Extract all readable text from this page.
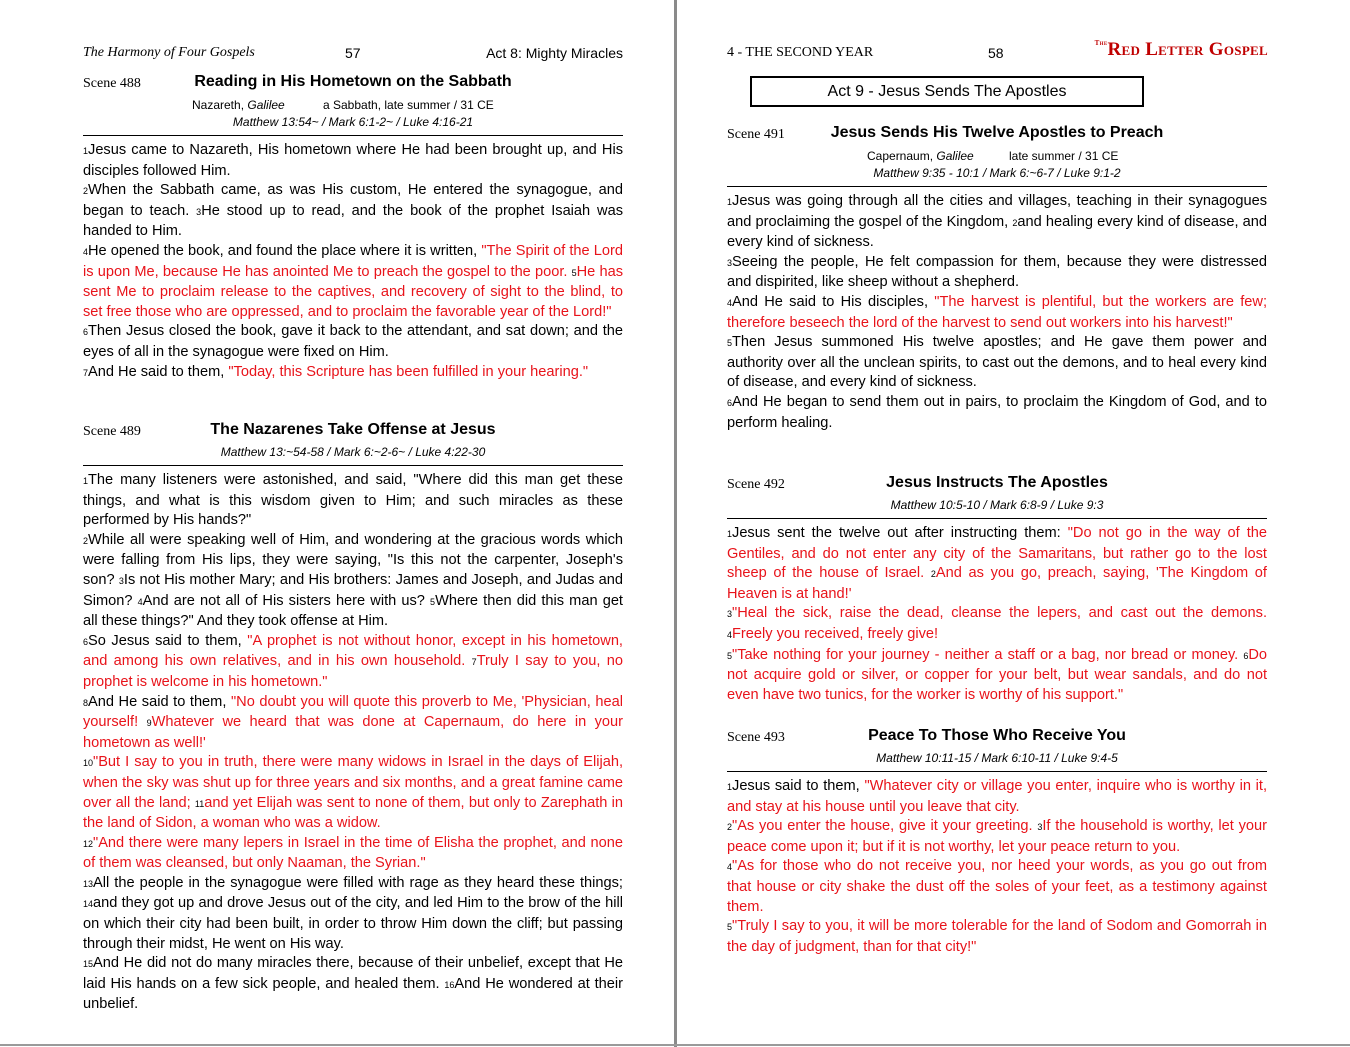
The Harmony of Four Gospels	57	Act 8: Mighty Miracles
Scene 488	Reading in His Hometown on the Sabbath
Nazareth, Galilee	a Sabbath, late summer / 31 CE
Matthew 13:54~ / Mark 6:1-2~ / Luke 4:16-21

1Jesus came to Nazareth, His hometown where He had been brought up, and His disciples followed Him.

2When the Sabbath came, as was His custom, He entered the synagogue, and began to teach. 3He stood up to read, and the book of the prophet Isaiah was handed to Him.

4He opened the book, and found the place where it is written, "The Spirit of the Lord is upon Me, because He has anointed Me to preach the gospel to the poor. 5He has sent Me to proclaim release to the captives, and recovery of sight to the blind, to set free those who are oppressed, and to proclaim the favorable year of the Lord!"

6Then Jesus closed the book, gave it back to the attendant, and sat down; and the eyes of all in the synagogue were fixed on Him.

7And He said to them, "Today, this Scripture has been fulfilled in your hearing."

Scene 489	The Nazarenes Take Offense at Jesus
Matthew 13:~54-58 / Mark 6:~2-6~ / Luke 4:22-30

1The many listeners were astonished, and said, "Where did this man get these things, and what is this wisdom given to Him; and such miracles as these performed by His hands?"

2While all were speaking well of Him, and wondering at the gracious words which were falling from His lips, they were saying, "Is this not the carpenter, Joseph's son? 3Is not His mother Mary; and His brothers: James and Joseph, and Judas and Simon? 4And are not all of His sisters here with us? 5Where then did this man get all these things?" And they took offense at Him.

6So Jesus said to them, "A prophet is not without honor, except in his hometown, and among his own relatives, and in his own household. 7Truly I say to you, no prophet is welcome in his hometown."

8And He said to them, "No doubt you will quote this proverb to Me, 'Physician, heal yourself! 9Whatever we heard that was done at Capernaum, do here in your hometown as well!'

10"But I say to you in truth, there were many widows in Israel in the days of Elijah, when the sky was shut up for three years and six months, and a great famine came over all the land; 11and yet Elijah was sent to none of them, but only to Zarephath in the land of Sidon, a woman who was a widow.

12"And there were many lepers in Israel in the time of Elisha the prophet, and none of them was cleansed, but only Naaman, the Syrian."

13All the people in the synagogue were filled with rage as they heard these things; 14and they got up and drove Jesus out of the city, and led Him to the brow of the hill on which their city had been built, in order to throw Him down the cliff; but passing through their midst, He went on His way.

15And He did not do many miracles there, because of their unbelief, except that He laid His hands on a few sick people, and healed them. 16And He wondered at their unbelief.

4 - THE SECOND YEAR	58
$^{The}$Red Letter Gospel
Act 9 - Jesus Sends The Apostles
Scene 491	Jesus Sends His Twelve Apostles to Preach
Capernaum, Galilee	late summer / 31 CE
Matthew 9:35 - 10:1 / Mark 6:~6-7 / Luke 9:1-2

1Jesus was going through all the cities and villages, teaching in their synagogues and proclaiming the gospel of the Kingdom, 2and healing every kind of disease, and every kind of sickness.

3Seeing the people, He felt compassion for them, because they were distressed and dispirited, like sheep without a shepherd.

4And He said to His disciples, "The harvest is plentiful, but the workers are few; therefore beseech the lord of the harvest to send out workers into his harvest!"

5Then Jesus summoned His twelve apostles; and He gave them power and authority over all the unclean spirits, to cast out the demons, and to heal every kind of disease, and every kind of sickness.

6And He began to send them out in pairs, to proclaim the Kingdom of God, and to perform healing.

Scene 492	Jesus Instructs The Apostles
Matthew 10:5-10 / Mark 6:8-9 / Luke 9:3

1Jesus sent the twelve out after instructing them: "Do not go in the way of the Gentiles, and do not enter any city of the Samaritans, but rather go to the lost sheep of the house of Israel. 2And as you go, preach, saying, 'The Kingdom of Heaven is at hand!'

3"Heal the sick, raise the dead, cleanse the lepers, and cast out the demons. 4Freely you received, freely give!

5"Take nothing for your journey - neither a staff or a bag, nor bread or money. 6Do not acquire gold or silver, or copper for your belt, but wear sandals, and do not even have two tunics, for the worker is worthy of his support."

Scene 493	Peace To Those Who Receive You
Matthew 10:11-15 / Mark 6:10-11 / Luke 9:4-5

1Jesus said to them, "Whatever city or village you enter, inquire who is worthy in it, and stay at his house until you leave that city.

2"As you enter the house, give it your greeting. 3If the household is worthy, let your peace come upon it; but if it is not worthy, let your peace return to you.

4"As for those who do not receive you, nor heed your words, as you go out from that house or city shake the dust off the soles of your feet, as a testimony against them.

5"Truly I say to you, it will be more tolerable for the land of Sodom and Gomorrah in the day of judgment, than for that city!"
